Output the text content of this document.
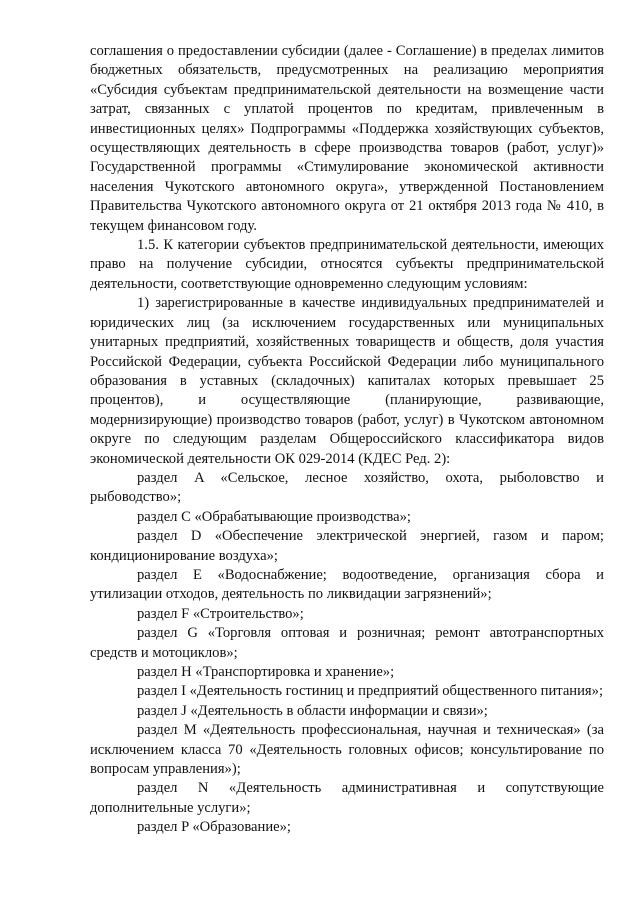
соглашения о предоставлении субсидии (далее - Соглашение) в пределах лимитов бюджетных обязательств, предусмотренных на реализацию мероприятия «Субсидия субъектам предпринимательской деятельности на возмещение части затрат, связанных с уплатой процентов по кредитам, привлеченным в инвестиционных целях» Подпрограммы «Поддержка хозяйствующих субъектов, осуществляющих деятельность в сфере производства товаров (работ, услуг)» Государственной программы «Стимулирование экономической активности населения Чукотского автономного округа», утвержденной Постановлением Правительства Чукотского автономного округа от 21 октября 2013 года № 410, в текущем финансовом году.

1.5. К категории субъектов предпринимательской деятельности, имеющих право на получение субсидии, относятся субъекты предпринимательской деятельности, соответствующие одновременно следующим условиям:

1) зарегистрированные в качестве индивидуальных предпринимателей и юридических лиц (за исключением государственных или муниципальных унитарных предприятий, хозяйственных товариществ и обществ, доля участия Российской Федерации, субъекта Российской Федерации либо муниципального образования в уставных (складочных) капиталах которых превышает 25 процентов), и осуществляющие (планирующие, развивающие, модернизирующие) производство товаров (работ, услуг) в Чукотском автономном округе по следующим разделам Общероссийского классификатора видов экономической деятельности ОК 029-2014 (КДЕС Ред. 2):

раздел A «Сельское, лесное хозяйство, охота, рыболовство и рыбоводство»;

раздел C «Обрабатывающие производства»;

раздел D «Обеспечение электрической энергией, газом и паром; кондиционирование воздуха»;

раздел E «Водоснабжение; водоотведение, организация сбора и утилизации отходов, деятельность по ликвидации загрязнений»;

раздел F «Строительство»;

раздел G «Торговля оптовая и розничная; ремонт автотранспортных средств и мотоциклов»;

раздел H «Транспортировка и хранение»;

раздел I «Деятельность гостиниц и предприятий общественного питания»;

раздел J «Деятельность в области информации и связи»;

раздел M «Деятельность профессиональная, научная и техническая» (за исключением класса 70 «Деятельность головных офисов; консультирование по вопросам управления»);

раздел N «Деятельность административная и сопутствующие дополнительные услуги»;

раздел P «Образование»;
